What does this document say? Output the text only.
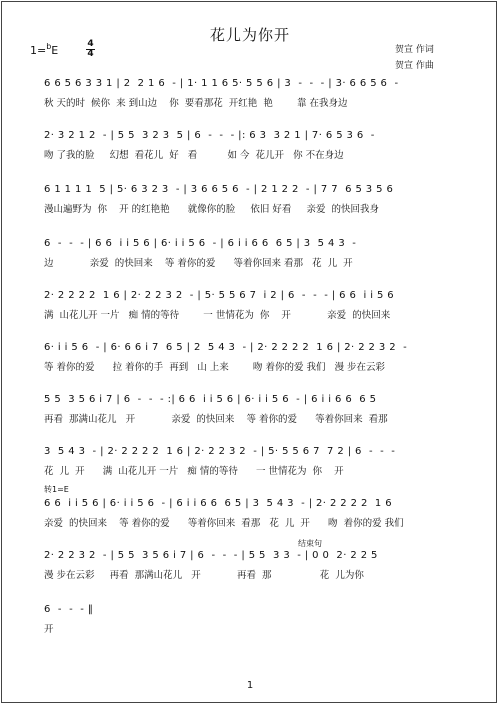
花儿为你开
1=$^b$E	4
4	贺宣 作词
贺宣 作曲
6 6 5 6 3 3 1 | 2  2 1 6  - | 1· 1 1 6 5· 5 5 6 | 3  -  -  - | 3· 6 6 5 6  -
秋 天的时  候你  来 到山边    你  要看那花  开红艳  艳        靠 在我身边
2· 3 2 1 2  - | 5 5  3 2 3  5 | 6  -  -  - |: 6 3  3 2 1 | 7· 6 5 3 6  -
吻 了我的脸     幻想  看花儿  好   看          如 今  花儿开   你 不在身边
6 1 1 1 1  5 | 5· 6 3 2 3  - | 3 6 6 5 6  - | 2 1 2 2  - | 7 7  6 5 3 5 6
漫山遍野为  你    开 的红艳艳      就像你的脸     依旧 好看     亲爱  的快回我身
6  -  -  - | 6 6  i i 5 6 | 6· i i 5 6  - | 6 i i 6 6  6 5 | 3  5 4 3  -
边            亲爱  的快回来    等 着你的爱      等着你回来 看那   花  儿  开
2· 2 2 2 2  1 6 | 2· 2 2 3 2  - | 5· 5 5 6 7  i 2 | 6  -  -  - | 6 6  i i 5 6
满  山花儿开 一片   痴 情的等待        一 世情花为  你    开            亲爱  的快回来
6· i i 5 6  - | 6· 6 6 i 7  6 5 | 2  5 4 3  - | 2· 2 2 2 2  1 6 | 2· 2 2 3 2  -
等 着你的爱      拉 着你的手  再到   山 上来        吻 着你的爱 我们   漫 步在云彩
5 5  3 5 6 i 7 | 6  -  -  - :| 6 6  i i 5 6 | 6· i i 5 6  - | 6 i i 6 6  6 5
再看  那满山花儿   开            亲爱  的快回来    等 着你的爱      等着你回来  看那
3  5 4 3  - | 2· 2 2 2 2  1 6 | 2· 2 2 3 2  - | 5· 5 5 6 7  7 2 | 6  -  -  -
花  儿  开      满  山花儿开 一片   痴 情的等待      一 世情花为  你    开
转1=E
6 6  i i 5 6 | 6· i i 5 6  - | 6 i i 6 6  6 5 | 3  5 4 3  - | 2· 2 2 2 2  1 6
亲爱  的快回来    等 着你的爱      等着你回来  看那   花  儿  开      吻  着你的爱 我们
结束句
2· 2 2 3 2  - | 5 5  3 5 6 i 7 | 6  -  -  - | 5 5  3 3  - | 0 0  2· 2 2 5
漫 步在云彩     再看  那满山花儿   开            再看  那                花  儿为你
6  -  -  - ‖
开
1
